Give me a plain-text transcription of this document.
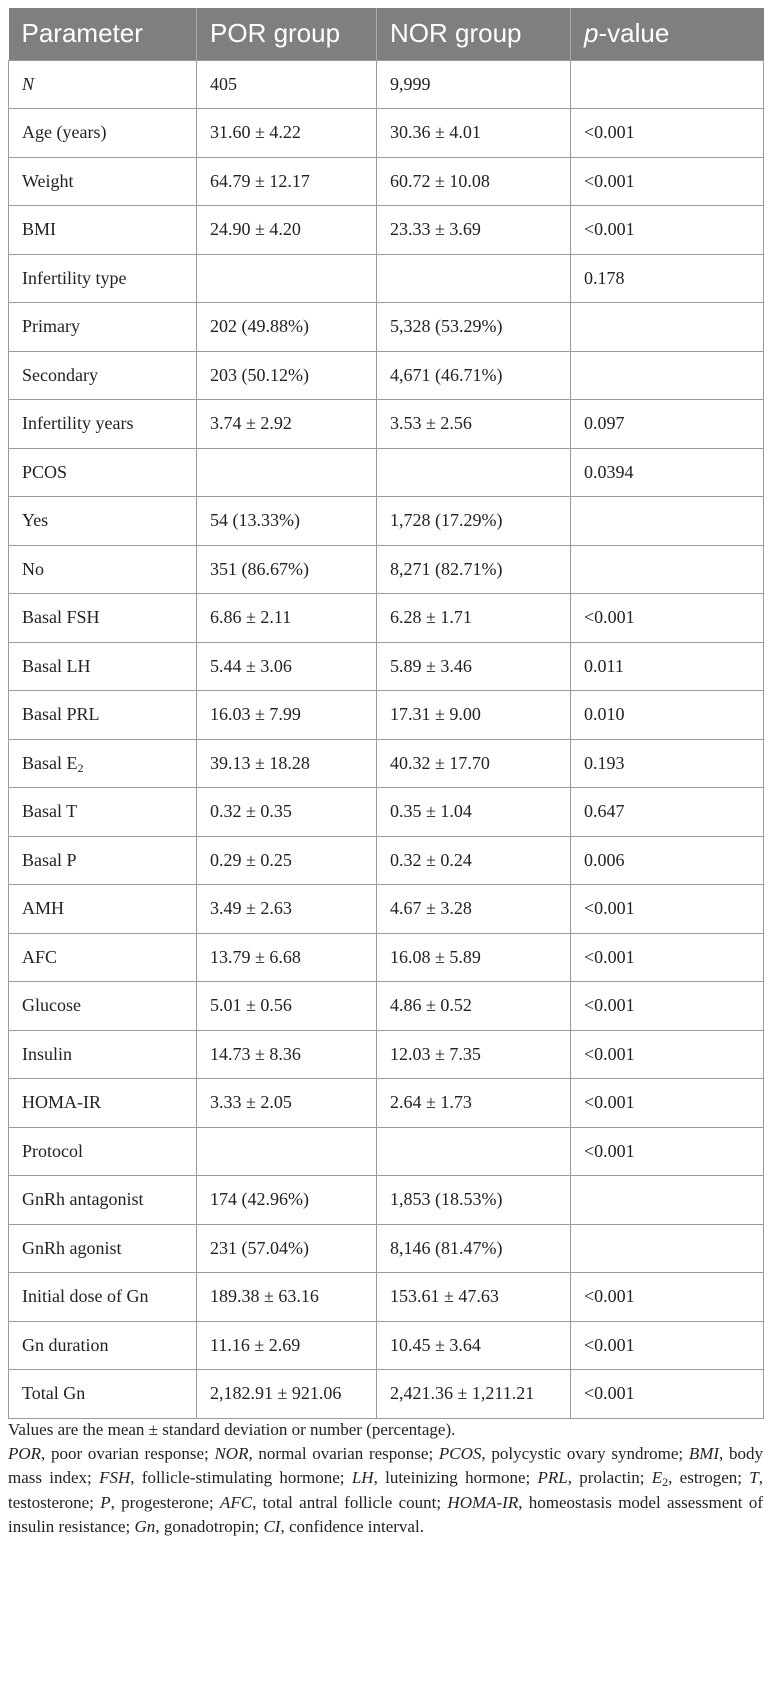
Parameter	POR group	NOR group	p-value
N	405	9,999	
Age (years)	31.60 ± 4.22	30.36 ± 4.01	<0.001
Weight	64.79 ± 12.17	60.72 ± 10.08	<0.001
BMI	24.90 ± 4.20	23.33 ± 3.69	<0.001
Infertility type			0.178
Primary	202 (49.88%)	5,328 (53.29%)	
Secondary	203 (50.12%)	4,671 (46.71%)	
Infertility years	3.74 ± 2.92	3.53 ± 2.56	0.097
PCOS			0.0394
Yes	54 (13.33%)	1,728 (17.29%)	
No	351 (86.67%)	8,271 (82.71%)	
Basal FSH	6.86 ± 2.11	6.28 ± 1.71	<0.001
Basal LH	5.44 ± 3.06	5.89 ± 3.46	0.011
Basal PRL	16.03 ± 7.99	17.31 ± 9.00	0.010
Basal $E_2$	39.13 ± 18.28	40.32 ± 17.70	0.193
Basal T	0.32 ± 0.35	0.35 ± 1.04	0.647
Basal P	0.29 ± 0.25	0.32 ± 0.24	0.006
AMH	3.49 ± 2.63	4.67 ± 3.28	<0.001
AFC	13.79 ± 6.68	16.08 ± 5.89	<0.001
Glucose	5.01 ± 0.56	4.86 ± 0.52	<0.001
Insulin	14.73 ± 8.36	12.03 ± 7.35	<0.001
HOMA-IR	3.33 ± 2.05	2.64 ± 1.73	<0.001
Protocol			<0.001
GnRh antagonist	174 (42.96%)	1,853 (18.53%)	
GnRh agonist	231 (57.04%)	8,146 (81.47%)	
Initial dose of Gn	189.38 ± 63.16	153.61 ± 47.63	<0.001
Gn duration	11.16 ± 2.69	10.45 ± 3.64	<0.001
Total Gn	2,182.91 ± 921.06	2,421.36 ± 1,211.21	<0.001

Values are the mean ± standard deviation or number (percentage).

POR, poor ovarian response; NOR, normal ovarian response; PCOS, polycystic ovary syndrome; BMI, body mass index; FSH, follicle-stimulating hormone; LH, luteinizing hormone; PRL, prolactin; $E_2$, estrogen; T, testosterone; P, progesterone; AFC, total antral follicle count; HOMA-IR, homeostasis model assessment of insulin resistance; Gn, gonadotropin; CI, confidence interval.
